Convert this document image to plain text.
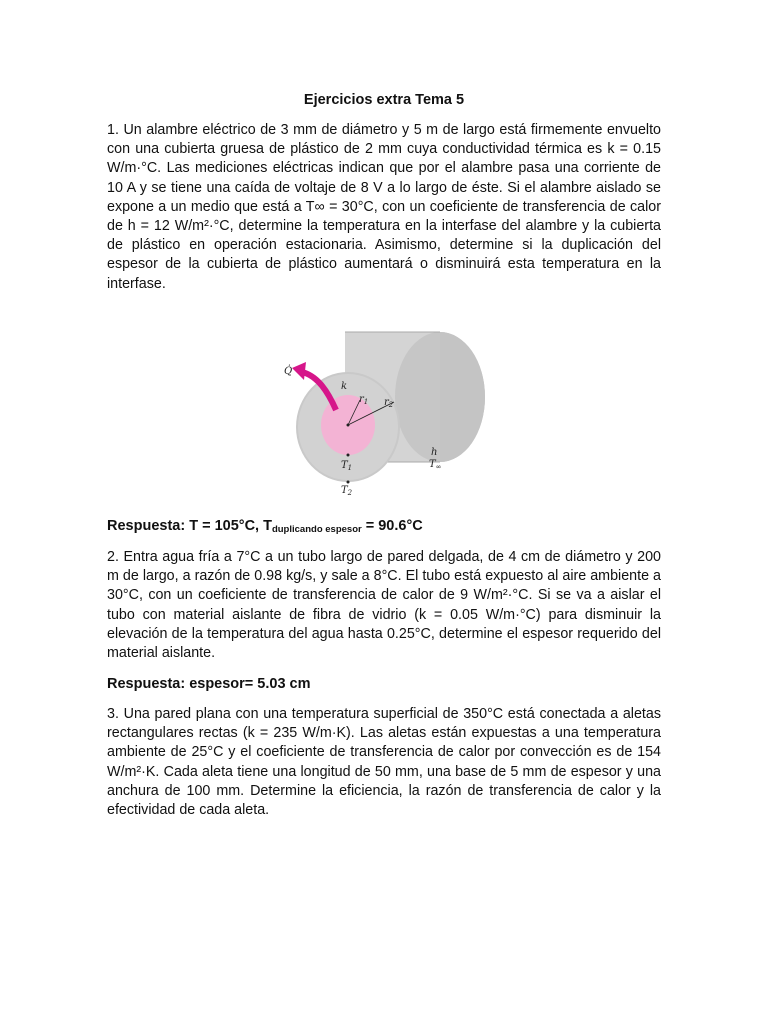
Ejercicios extra Tema 5

1. Un alambre eléctrico de 3 mm de diámetro y 5 m de largo está firmemente envuelto con una cubierta gruesa de plástico de 2 mm cuya conductividad térmica es k = 0.15 W/m·°C. Las mediciones eléctricas indican que por el alambre pasa una corriente de 10 A y se tiene una caída de voltaje de 8 V a lo largo de éste. Si el alambre aislado se expone a un medio que está a T∞ = 30°C, con un coeficiente de transferencia de calor de h = 12 W/m²·°C, determine la temperatura en la interfase del alambre y la cubierta de plástico en operación estacionaria. Asimismo, determine si la duplicación del espesor de la cubierta de plástico aumentará o disminuirá esta temperatura en la interfase.

Q̇
k
$r_1$ $r_2$
$T_1$
$T_2$
h
$T_\infty$

Respuesta: T = 105°C, $T_{duplicando espesor} = 90.6^\circ C$

2. Entra agua fría a 7°C a un tubo largo de pared delgada, de 4 cm de diámetro y 200 m de largo, a razón de 0.98 kg/s, y sale a 8°C. El tubo está expuesto al aire ambiente a 30°C, con un coeficiente de transferencia de calor de 9 W/m²·°C. Si se va a aislar el tubo con material aislante de fibra de vidrio (k = 0.05 W/m·°C) para disminuir la elevación de la temperatura del agua hasta 0.25°C, determine el espesor requerido del material aislante.

Respuesta: espesor= 5.03 cm

3. Una pared plana con una temperatura superficial de 350°C está conectada a aletas rectangulares rectas (k = 235 W/m·K). Las aletas están expuestas a una temperatura ambiente de 25°C y el coeficiente de transferencia de calor por convección es de 154 W/m²·K. Cada aleta tiene una longitud de 50 mm, una base de 5 mm de espesor y una anchura de 100 mm. Determine la eficiencia, la razón de transferencia de calor y la efectividad de cada aleta.
